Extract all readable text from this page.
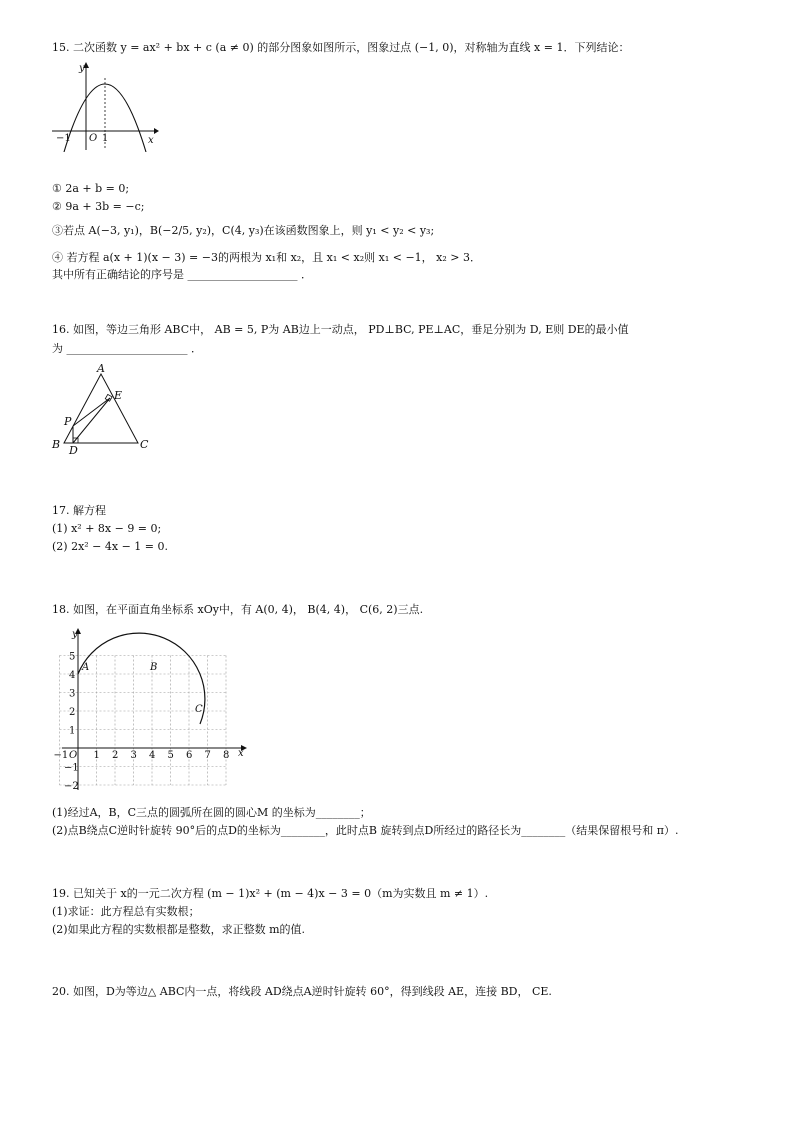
15. 二次函数 y = ax² + bx + c (a ≠ 0) 的部分图象如图所示，图象过点 (−1, 0)，对称轴为直线 x = 1．下列结论：
y
x
−1 O 1
① 2a + b = 0;
② 9a + 3b = −c;
③若点 A(−3, y₁)，B(−2/5, y₂)，C(4, y₃)在该函数图象上，则 y₁ < y₂ < y₃;
④ 若方程 a(x + 1)(x − 3) = −3的两根为 x₁和 x₂，且 x₁ < x₂则 x₁ < −1， x₂ > 3．
其中所有正确结论的序号是 ____________________ ．
16. 如图，等边三角形 ABC中， AB = 5, P为 AB边上一动点， PD⊥BC, PE⊥AC，垂足分别为 D, E则 DE的最小值
为 ______________________ ．
A
E
P
B D	C
17. 解方程
(1) x² + 8x − 9 = 0;
(2) 2x² − 4x − 1 = 0.
18. 如图，在平面直角坐标系 xOy中，有 A(0, 4)， B(4, 4)， C(6, 2)三点.
y
x
O
−1	1 2 3 4 5 6 7 8
5
4
3
2
1
−1
−2
A	B
C
(1)经过A，B，C三点的圆弧所在圆的圆心M 的坐标为________；
(2)点B绕点C逆时针旋转 90°后的点D的坐标为________，此时点B 旋转到点D所经过的路径长为________（结果保留根号和 π）.
19. 已知关于 x的一元二次方程 (m − 1)x² + (m − 4)x − 3 = 0（m为实数且 m ≠ 1）.
(1)求证：此方程总有实数根；
(2)如果此方程的实数根都是整数，求正整数 m的值.
20. 如图，D为等边△ ABC内一点，将线段 AD绕点A逆时针旋转 60°，得到线段 AE，连接 BD， CE.
